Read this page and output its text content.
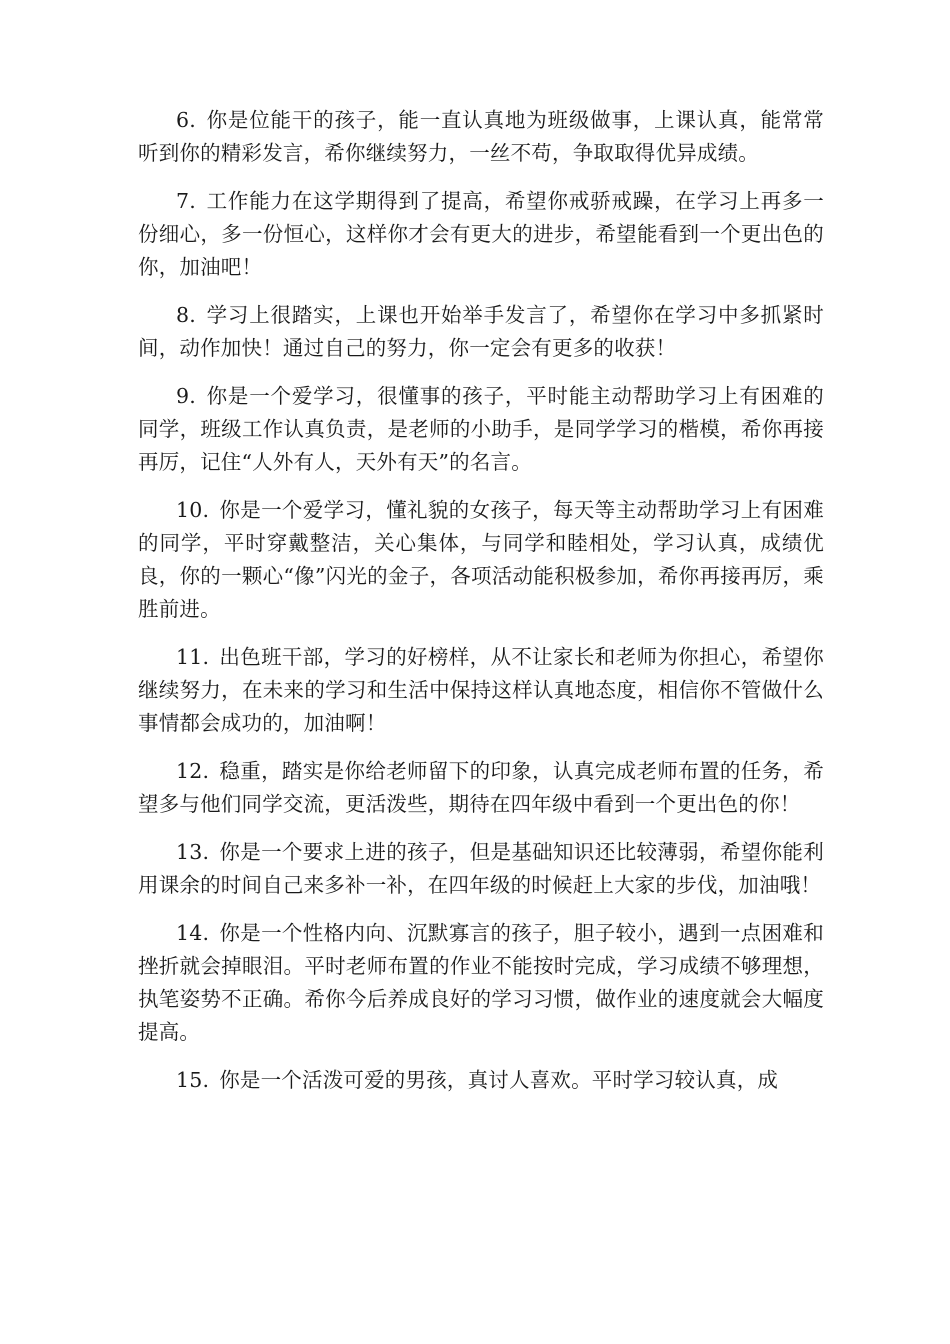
6. 你是位能干的孩子，能一直认真地为班级做事，上课认真，能常常听到你的精彩发言，希你继续努力，一丝不苟，争取取得优异成绩。

7. 工作能力在这学期得到了提高，希望你戒骄戒躁，在学习上再多一份细心，多一份恒心，这样你才会有更大的进步，希望能看到一个更出色的你，加油吧！

8. 学习上很踏实，上课也开始举手发言了，希望你在学习中多抓紧时间，动作加快！通过自己的努力，你一定会有更多的收获！

9. 你是一个爱学习，很懂事的孩子，平时能主动帮助学习上有困难的同学，班级工作认真负责，是老师的小助手，是同学学习的楷模，希你再接再厉，记住“人外有人，天外有天”的名言。

10. 你是一个爱学习，懂礼貌的女孩子，每天等主动帮助学习上有困难的同学，平时穿戴整洁，关心集体，与同学和睦相处，学习认真，成绩优良，你的一颗心“像”闪光的金子，各项活动能积极参加，希你再接再厉，乘胜前进。

11. 出色班干部，学习的好榜样，从不让家长和老师为你担心，希望你继续努力，在未来的学习和生活中保持这样认真地态度，相信你不管做什么事情都会成功的，加油啊！

12. 稳重，踏实是你给老师留下的印象，认真完成老师布置的任务，希望多与他们同学交流，更活泼些，期待在四年级中看到一个更出色的你！

13. 你是一个要求上进的孩子，但是基础知识还比较薄弱，希望你能利用课余的时间自己来多补一补，在四年级的时候赶上大家的步伐，加油哦！

14. 你是一个性格内向、沉默寡言的孩子，胆子较小，遇到一点困难和挫折就会掉眼泪。平时老师布置的作业不能按时完成，学习成绩不够理想，执笔姿势不正确。希你今后养成良好的学习习惯，做作业的速度就会大幅度提高。

15. 你是一个活泼可爱的男孩，真讨人喜欢。平时学习较认真，成
